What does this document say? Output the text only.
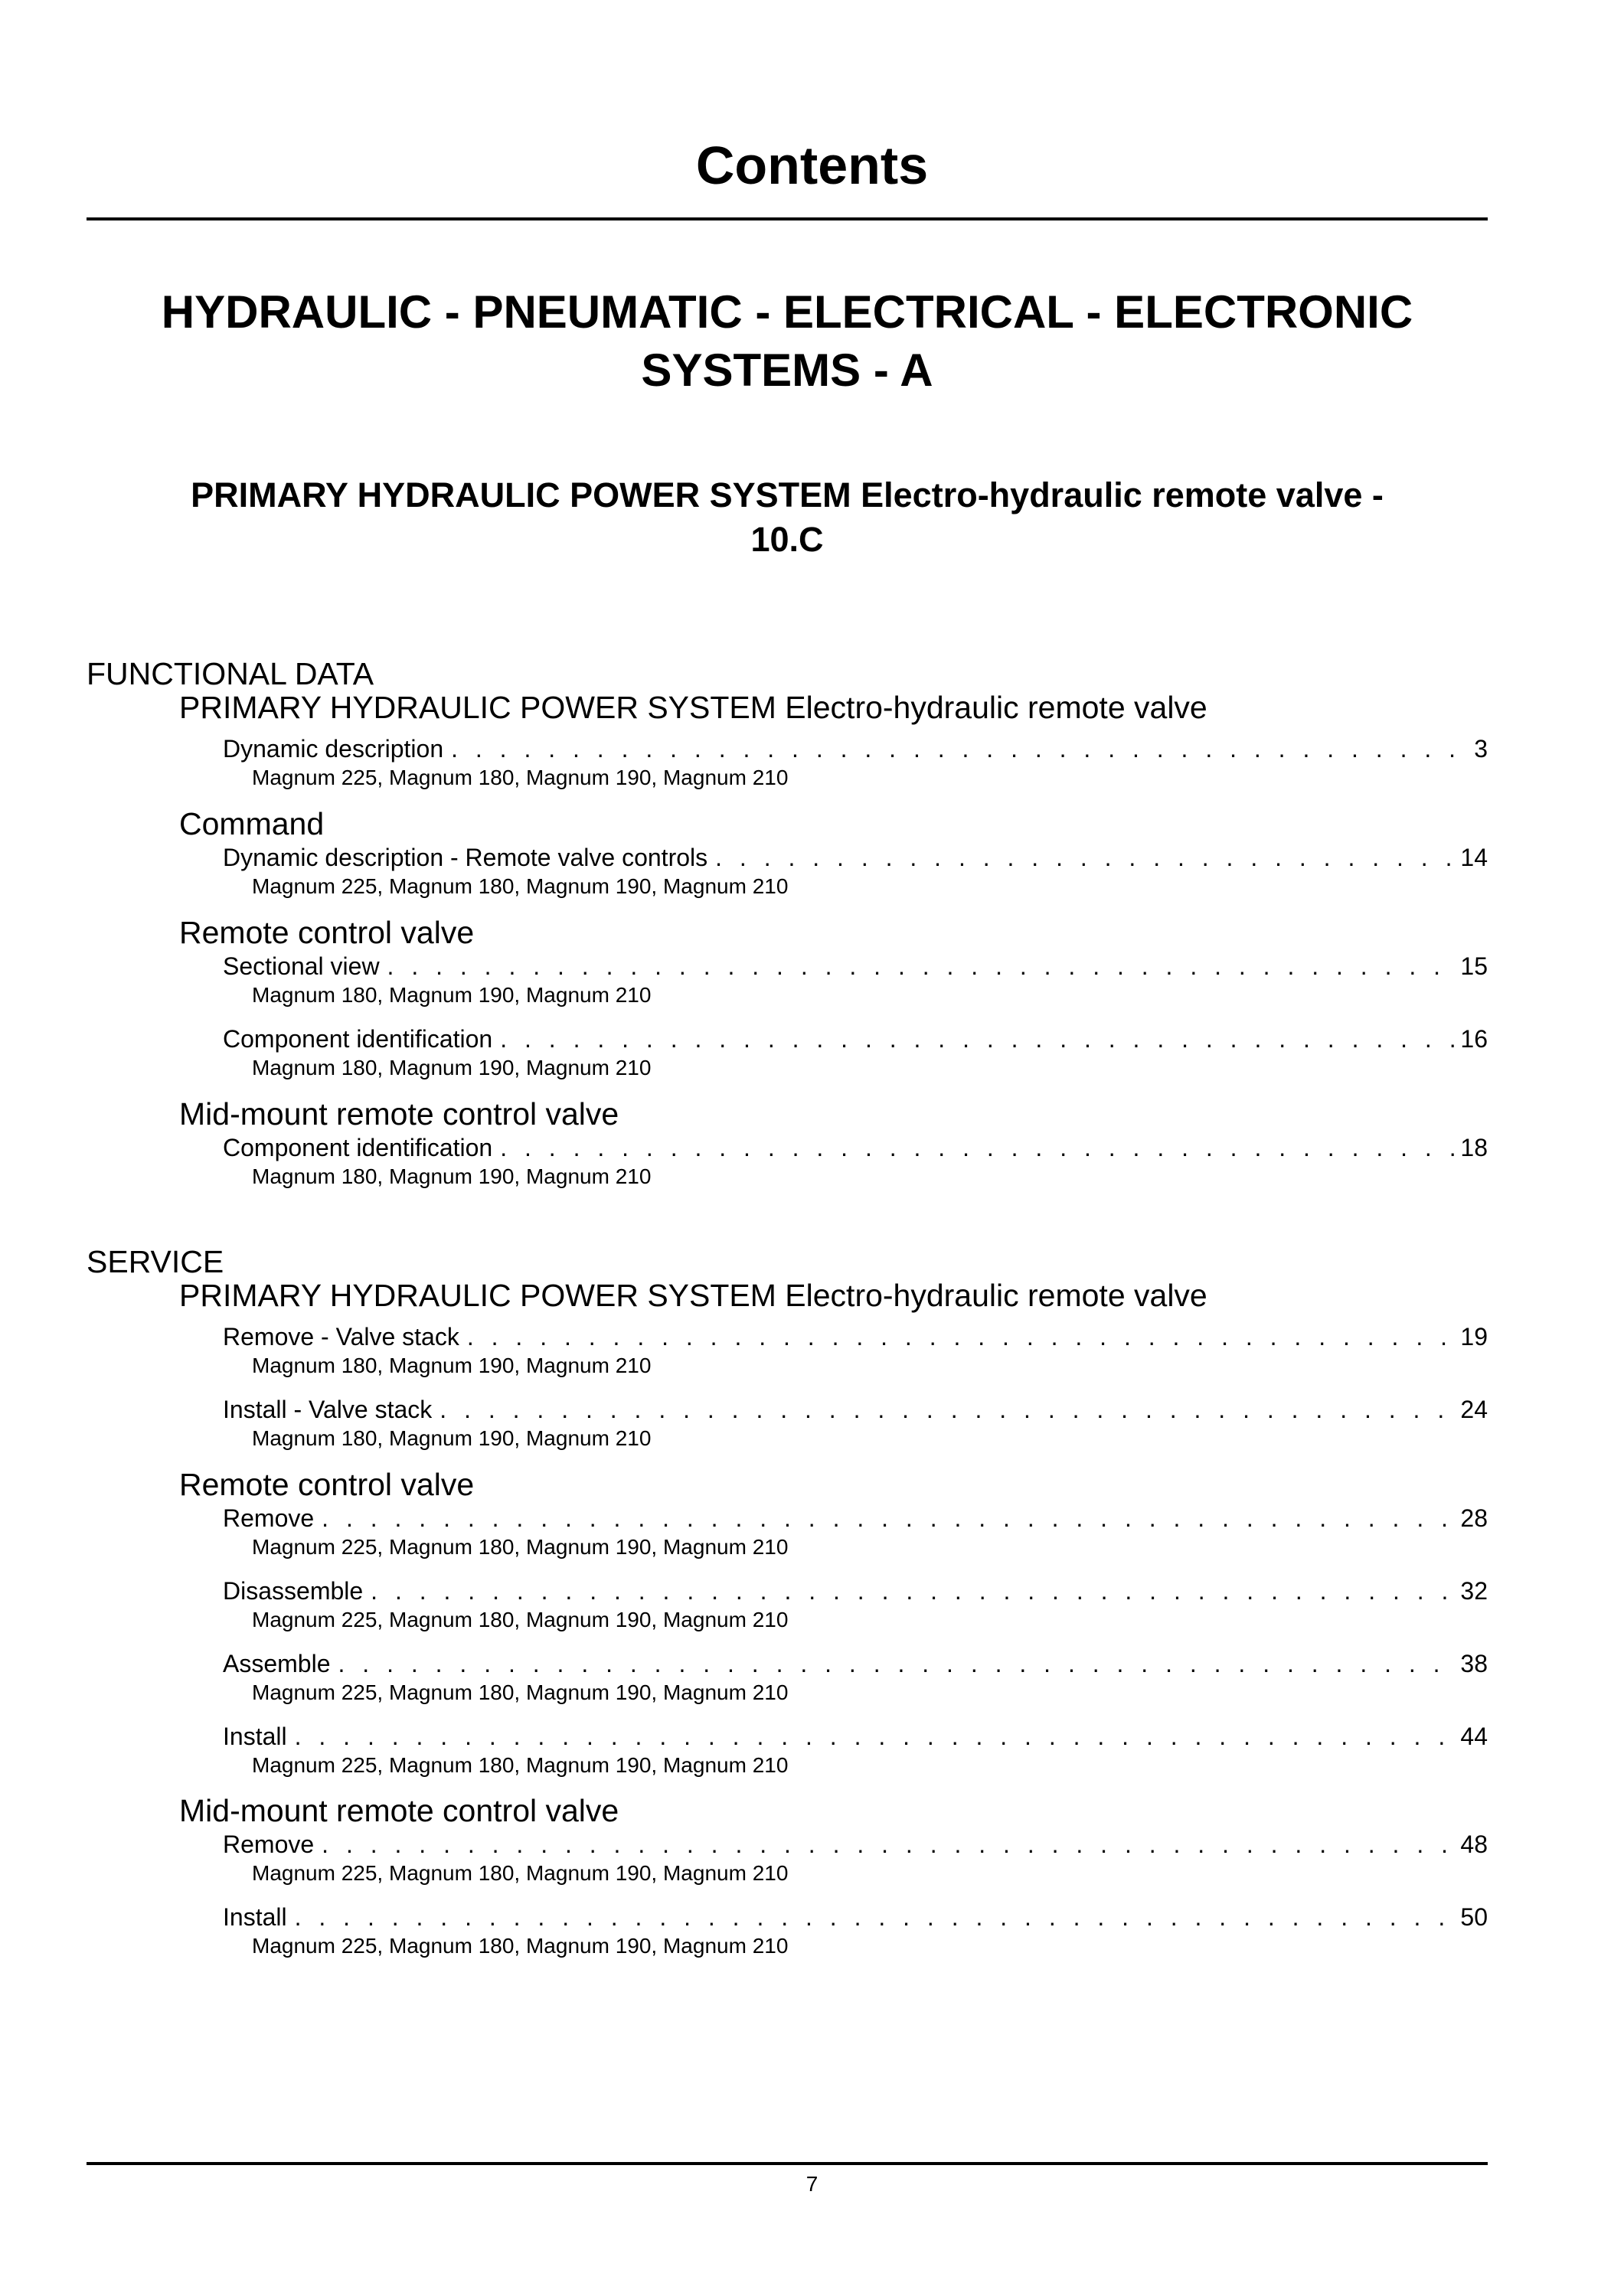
Contents
HYDRAULIC - PNEUMATIC - ELECTRICAL - ELECTRONIC
SYSTEMS - A
PRIMARY HYDRAULIC POWER SYSTEM Electro-hydraulic remote valve -
10.C
FUNCTIONAL DATA
PRIMARY HYDRAULIC POWER SYSTEM Electro-hydraulic remote valve
Dynamic description . . .	3
Magnum 225, Magnum 180, Magnum 190, Magnum 210
Command
Dynamic description - Remote valve controls . . .	14
Magnum 225, Magnum 180, Magnum 190, Magnum 210
Remote control valve
Sectional view . . .	15
Magnum 180, Magnum 190, Magnum 210
Component identification . . .	16
Magnum 180, Magnum 190, Magnum 210
Mid-mount remote control valve
Component identification . . .	18
Magnum 180, Magnum 190, Magnum 210
SERVICE
PRIMARY HYDRAULIC POWER SYSTEM Electro-hydraulic remote valve
Remove - Valve stack . . .	19
Magnum 180, Magnum 190, Magnum 210
Install - Valve stack . . .	24
Magnum 180, Magnum 190, Magnum 210
Remote control valve
Remove . . .	28
Magnum 225, Magnum 180, Magnum 190, Magnum 210
Disassemble . . .	32
Magnum 225, Magnum 180, Magnum 190, Magnum 210
Assemble . . .	38
Magnum 225, Magnum 180, Magnum 190, Magnum 210
Install . . .	44
Magnum 225, Magnum 180, Magnum 190, Magnum 210
Mid-mount remote control valve
Remove . . .	48
Magnum 225, Magnum 180, Magnum 190, Magnum 210
Install . . .	50
Magnum 225, Magnum 180, Magnum 190, Magnum 210
7
